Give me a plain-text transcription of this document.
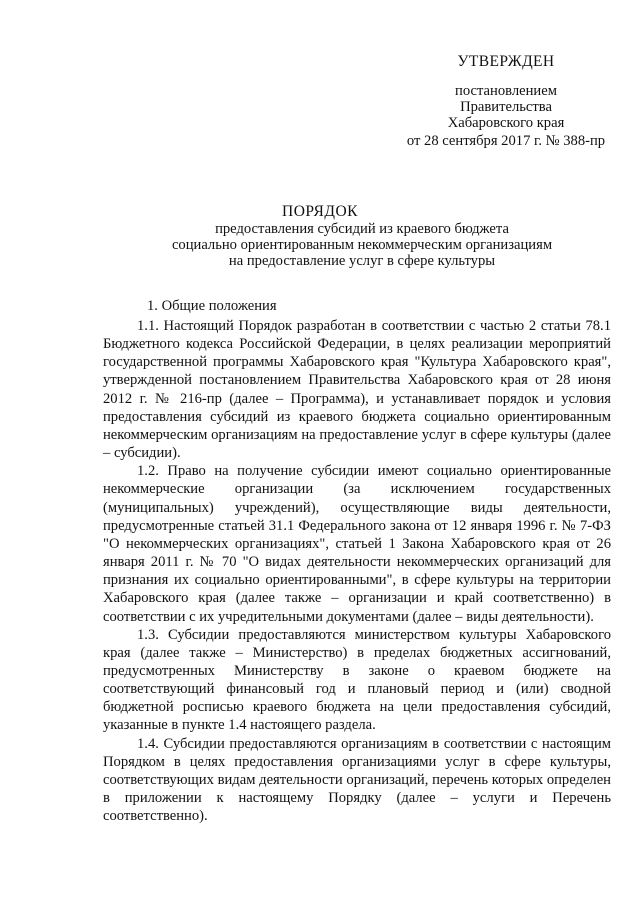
УТВЕРЖДЕН
постановлением
Правительства
Хабаровского края
от 28 сентября 2017 г. № 388-пр
ПОРЯДОК
предоставления субсидий из краевого бюджета
социально ориентированным некоммерческим организациям
на предоставление услуг в сфере культуры
1. Общие положения

1.1. Настоящий Порядок разработан в соответствии с частью 2 статьи 78.1 Бюджетного кодекса Российской Федерации, в целях реализации мероприятий государственной программы Хабаровского края "Культура Хабаровского края", утвержденной постановлением Правительства Хабаровского края от 28 июня 2012 г. № 216-пр (далее – Программа), и устанавливает порядок и условия предоставления субсидий из краевого бюджета социально ориентированным некоммерческим организациям на предоставление услуг в сфере культуры (далее – субсидии).

1.2. Право на получение субсидии имеют социально ориентированные некоммерческие организации (за исключением государственных (муниципальных) учреждений), осуществляющие виды деятельности, предусмотренные статьей 31.1 Федерального закона от 12 января 1996 г. № 7-ФЗ "О некоммерческих организациях", статьей 1 Закона Хабаровского края от 26 января 2011 г. № 70 "О видах деятельности некоммерческих организаций для признания их социально ориентированными", в сфере культуры на территории Хабаровского края (далее также – организации и край соответственно) в соответствии с их учредительными документами (далее – виды деятельности).

1.3. Субсидии предоставляются министерством культуры Хабаровского края (далее также – Министерство) в пределах бюджетных ассигнований, предусмотренных Министерству в законе о краевом бюджете на соответствующий финансовый год и плановый период и (или) сводной бюджетной росписью краевого бюджета на цели предоставления субсидий, указанные в пункте 1.4 настоящего раздела.

1.4. Субсидии предоставляются организациям в соответствии с настоящим Порядком в целях предоставления организациями услуг в сфере культуры, соответствующих видам деятельности организаций, перечень которых определен в приложении к настоящему Порядку (далее – услуги и Перечень соответственно).
